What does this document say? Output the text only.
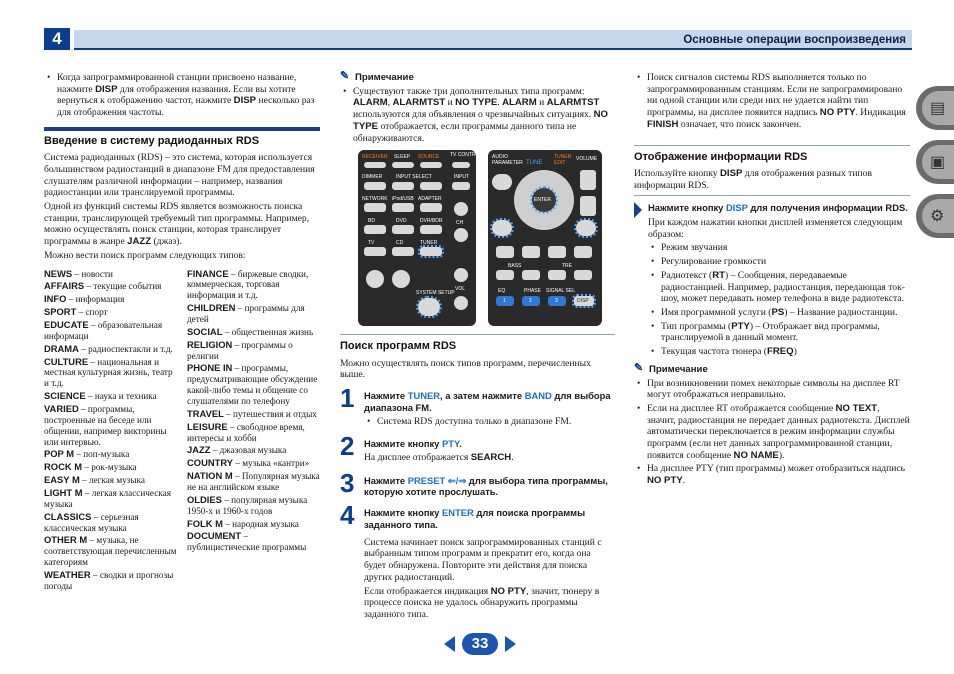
4	Основные операции воспроизведения
• Когда запрограммированной станции присвоено название, нажмите DISP для отображения названия. Если вы хотите вернуться к отображению частот, нажмите DISP несколько раз для отображения частоты.
Введение в систему радиоданных RDS

Система радиоданных (RDS) – это система, которая используется большинством радиостанций в диапазоне FM для предоставления слушателям различной информации – например, названия радиостанции или транслируемой программы.

Одной из функций системы RDS является возможность поиска станции, транслирующей требуемый тип программы. Например, можно осуществлять поиск станции, которая транслирует программы в жанре JAZZ (джаз).

Можно вести поиск программ следующих типов:

NEWS – новости
AFFAIRS – текущие события
INFO – информация
SPORT – спорт
EDUCATE – образовательная информаци
DRAMA – радиоспектакли и т.д.
CULTURE – национальная и местная культурная жизнь, театр и т.д.
SCIENCE – наука и техника
VARIED – программы, построенные на беседе или общении, например викторины или интервью.
POP M – поп-музыка
ROCK M – рок-музыка
EASY M – легкая музыка
LIGHT M – легкая классическая музыка
CLASSICS – серьезная классическая музыка
OTHER M – музыка, не соответствующая перечисленным категориям
WEATHER – сводки и прогнозы погоды
FINANCE – биржевые сводки, коммерческая, торговая информация и т.д.
CHILDREN – программы для детей
SOCIAL – общественная жизнь
RELIGION – программы о религии
PHONE IN – программы, предусматривающие обсуждение какой-либо темы и общение со слушателями по телефону
TRAVEL – путешествия и отдых
LEISURE – свободное время, интересы и хобби
JAZZ – джазовая музыка
COUNTRY – музыка «кантри»
NATION M – Популярная музыка не на английском языке
OLDIES – популярная музыка 1950-х и 1960-х годов
FOLK M – народная музыка
DOCUMENT – публицистические программы
✎
Примечание
• Существуют также три дополнительных типа программ: ALARM, ALARMTST и NO TYPE. ALARM и ALARMTST используются для объявления о чрезвычайных ситуациях. NO TYPE отображается, если программы данного типа не обнаруживаются.
RECEIVER SLEEP SOURCE TV CONTROL
DIMMER	INPUT SELECT	INPUT
NETWORK iPod/USB ADAPTER
BD	DVD	DVR/BDR
TV	CD	TUNER
CH
SYSTEM SETUP
VOL
AUDIO PARAMETER TUNE
TUNER EDIT
VOLUME
ENTER
BASS	TRE
EQ	PHASE SIGNAL SEL
1	2	3	DISP
Поиск программ RDS

Можно осуществлять поиск типов программ, перечисленных выше.

1	Нажмите TUNER, а затем нажмите BAND для выбора диапазона FM.
• Система RDS доступна только в диапазоне FM.
2	Нажмите кнопку PTY.

На дисплее отображается SEARCH.

3	Нажмите PRESET ⇐/⇒ для выбора типа программы, которую хотите прослушать.
4	Нажмите кнопку ENTER для поиска программы заданного типа.

Система начинает поиск запрограммированных станций с выбранным типом программ и прекратит его, когда она будет обнаружена. Повторите эти действия для поиска других радиостанций.

Если отображается индикация NO PTY, значит, тюнеру в процессе поиска не удалось обнаружить программы заданного типа.

• Поиск сигналов системы RDS выполняется только по запрограммированным станциям. Если не запрограммировано ни одной станции или среди них не удается найти тип программы, на дисплее появится надпись NO PTY. Индикация FINISH означает, что поиск закончен.
Отображение информации RDS

Используйте кнопку DISP для отображения разных типов информации RDS.

Нажмите кнопку DISP для получения информации RDS.

При каждом нажатии кнопки дисплей изменяется следующим образом:

• Режим звучания
• Регулирование громкости
• Радиотекст (RT) – Сообщения, передаваемые радиостанцией. Например, радиостанция, передающая ток-шоу, может передавать номер телефона в виде радиотекста.
• Имя программной услуги (PS) – Название радиостанции.
• Тип программы (PTY) – Отображает вид программы, транслируемой в данный момент.
• Текущая частота тюнера (FREQ)
✎
Примечание
• При возникновении помех некоторые символы на дисплее RT могут отображаться неправильно.
• Если на дисплее RT отображается сообщение NO TEXT, значит, радиостанция не передает данных радиотекста. Дисплей автоматически переключается в режим информации службы программ (если нет данных запрограммированной станции, появится сообщение NO NAME).
• На дисплее PTY (тип программы) может отобразиться надпись NO PTY.
▤
▣
⚙
33
